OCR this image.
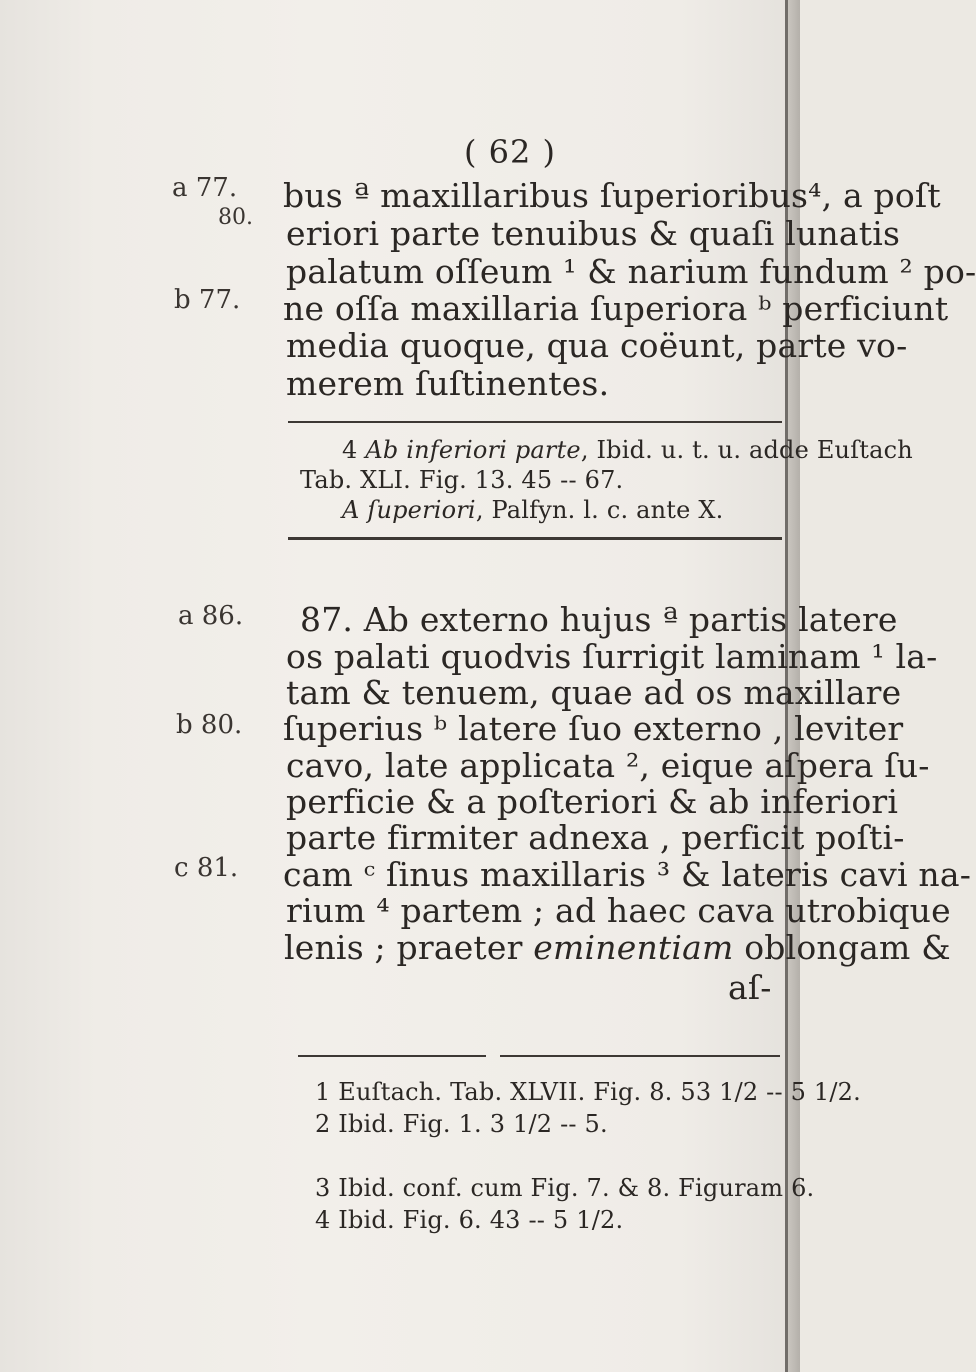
( 62 )
a 77.
80.
b 77.
a 86.
b 80.
c 81.
bus ª maxillaribus ſuperioribus⁴, a poſt
eriori parte tenuibus & quaſi lunatis
palatum oſſeum ¹ & narium fundum ² po-
ne oſſa maxillaria ſuperiora ᵇ perficiunt
media quoque, qua coëunt, parte vo-
merem ſuſtinentes.
4 Ab inferiori parte, Ibid. u. t. u. adde Euſtach
Tab. XLI. Fig. 13. 45 -- 67.
A ſuperiori, Palfyn. l. c. ante X.
87. Ab externo hujus ª partis latere
os palati quodvis ſurrigit laminam ¹ la-
tam & tenuem, quae ad os maxillare
ſuperius ᵇ latere ſuo externo , leviter
cavo, late applicata ², eique aſpera ſu-
perficie & a poſteriori & ab inferiori
parte firmiter adnexa , perficit poſti-
cam ᶜ ſinus maxillaris ³ & lateris cavi na-
rium ⁴ partem ; ad haec cava utrobique
lenis ; praeter eminentiam oblongam &
aſ-
1 Euſtach. Tab. XLVII. Fig. 8. 53 1/2 -- 5 1/2.
2 Ibid. Fig. 1. 3 1/2 -- 5.
3 Ibid. conf. cum Fig. 7. & 8. Figuram 6.
4 Ibid. Fig. 6. 43 -- 5 1/2.
